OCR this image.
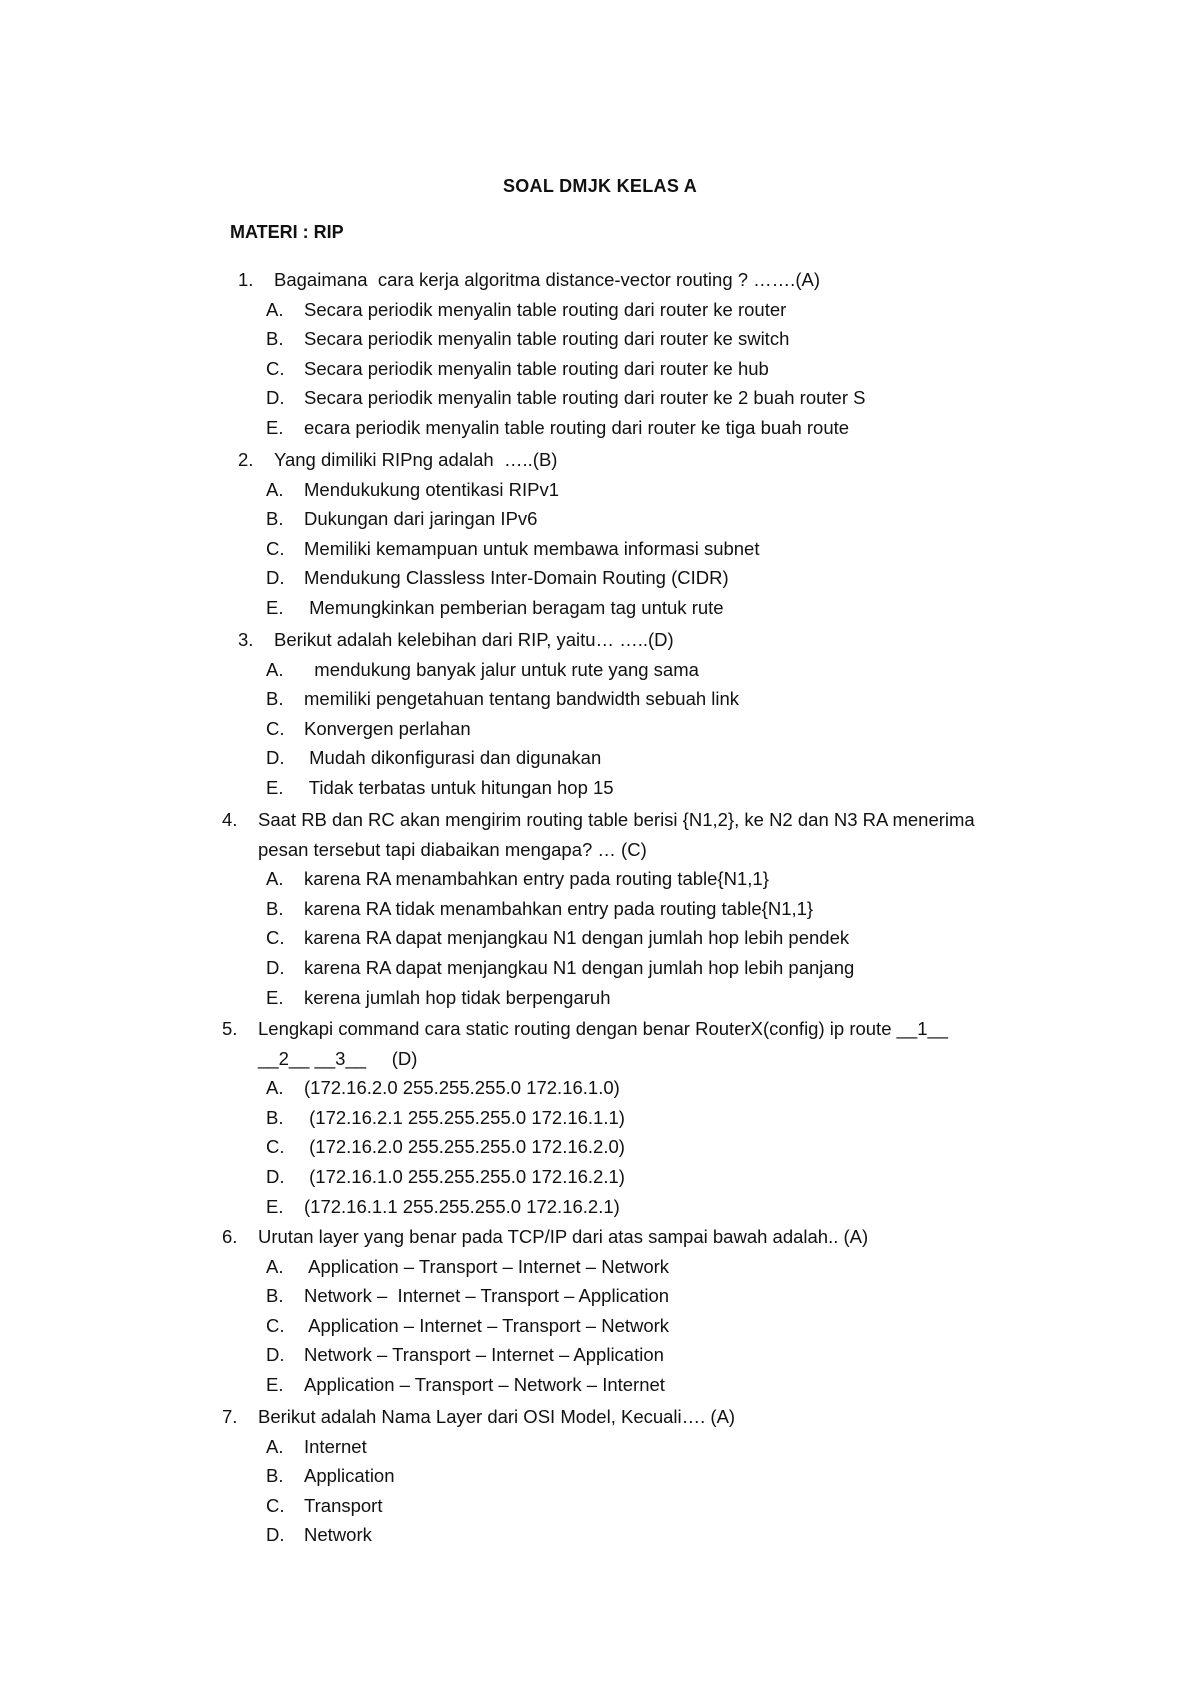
SOAL DMJK KELAS A
MATERI : RIP
1. Bagaimana  cara kerja algoritma distance-vector routing ? …….(A)
A. Secara periodik menyalin table routing dari router ke router
B. Secara periodik menyalin table routing dari router ke switch
C. Secara periodik menyalin table routing dari router ke hub
D. Secara periodik menyalin table routing dari router ke 2 buah router S
E. ecara periodik menyalin table routing dari router ke tiga buah route
2. Yang dimiliki RIPng adalah  …..(B)
A. Mendukukung otentikasi RIPv1
B. Dukungan dari jaringan IPv6
C. Memiliki kemampuan untuk membawa informasi subnet
D. Mendukung Classless Inter-Domain Routing (CIDR)
E. Memungkinkan pemberian beragam tag untuk rute
3. Berikut adalah kelebihan dari RIP, yaitu… …..(D)
A. mendukung banyak jalur untuk rute yang sama
B. memiliki pengetahuan tentang bandwidth sebuah link
C. Konvergen perlahan
D. Mudah dikonfigurasi dan digunakan
E. Tidak terbatas untuk hitungan hop 15
4. Saat RB dan RC akan mengirim routing table berisi {N1,2}, ke N2 dan N3 RA menerima
pesan tersebut tapi diabaikan mengapa? … (C)
A. karena RA menambahkan entry pada routing table{N1,1}
B. karena RA tidak menambahkan entry pada routing table{N1,1}
C. karena RA dapat menjangkau N1 dengan jumlah hop lebih pendek
D. karena RA dapat menjangkau N1 dengan jumlah hop lebih panjang
E. kerena jumlah hop tidak berpengaruh
5. Lengkapi command cara static routing dengan benar RouterX(config) ip route __1__
__2__ __3__     (D)
A. (172.16.2.0 255.255.255.0 172.16.1.0)
B. (172.16.2.1 255.255.255.0 172.16.1.1)
C. (172.16.2.0 255.255.255.0 172.16.2.0)
D. (172.16.1.0 255.255.255.0 172.16.2.1)
E. (172.16.1.1 255.255.255.0 172.16.2.1)
6. Urutan layer yang benar pada TCP/IP dari atas sampai bawah adalah.. (A)
A. Application – Transport – Internet – Network
B. Network –  Internet – Transport – Application
C. Application – Internet – Transport – Network
D. Network – Transport – Internet – Application
E. Application – Transport – Network – Internet
7. Berikut adalah Nama Layer dari OSI Model, Kecuali…. (A)
A. Internet
B. Application
C. Transport
D. Network
